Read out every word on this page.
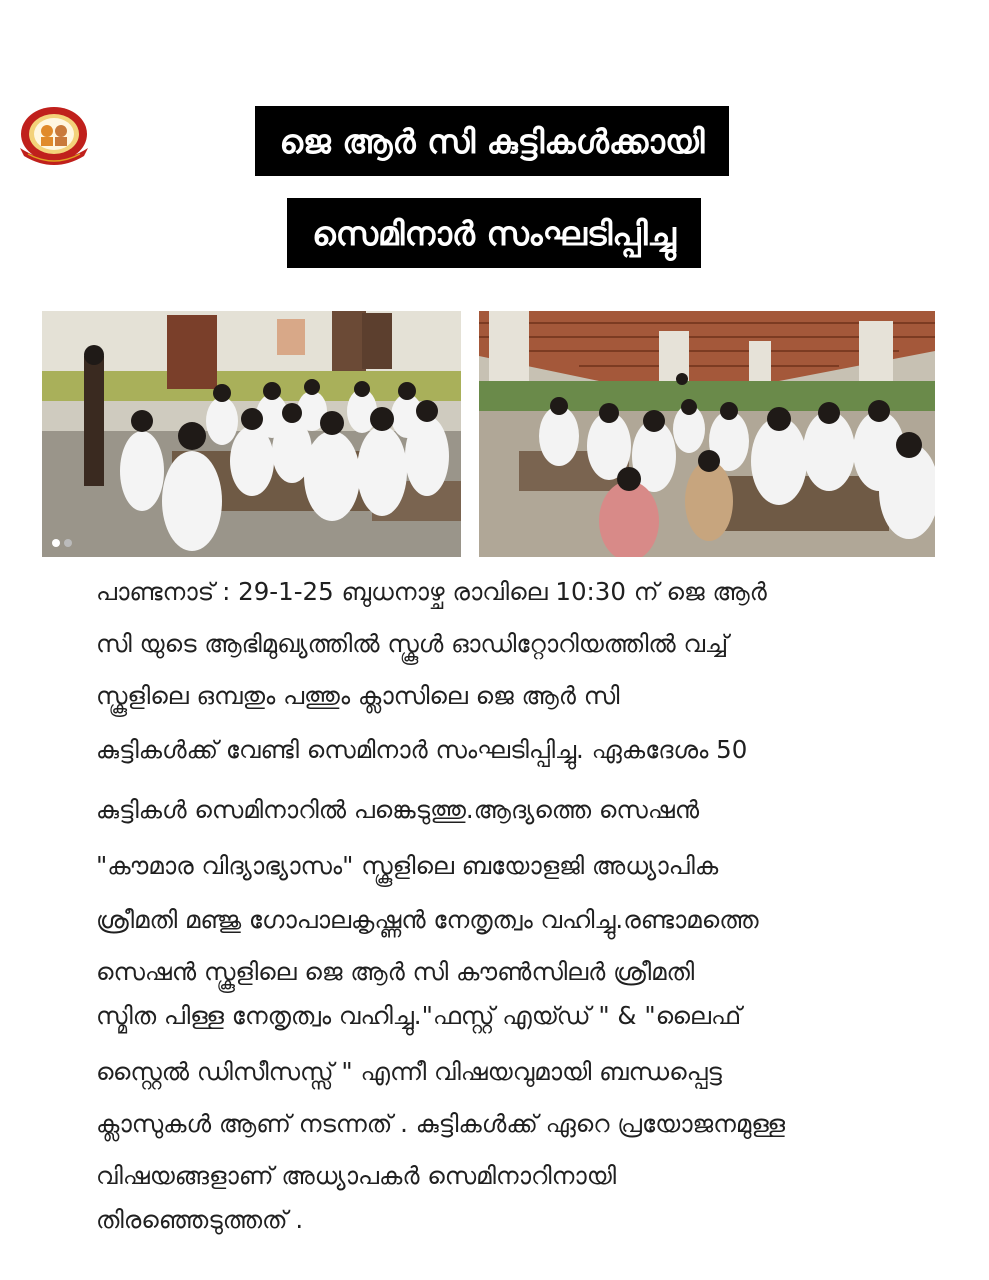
ജെ ആർ സി കുട്ടികൾക്കായി
സെമിനാർ സംഘടിപ്പിച്ചു
പാണ്ടനാട് : 29-1-25 ബുധനാഴ്ച രാവിലെ 10:30 ന് ജെ ആർ
സി യുടെ ആഭിമുഖ്യത്തിൽ സ്കൂൾ ഓഡിറ്റോറിയത്തിൽ വച്ച്
സ്കൂളിലെ ഒമ്പതും പത്തും ക്ലാസിലെ ജെ ആർ സി
കുട്ടികൾക്ക് വേണ്ടി സെമിനാർ സംഘടിപ്പിച്ചു. ഏകദേശം 50
കുട്ടികൾ സെമിനാറിൽ പങ്കെടുത്തു.ആദ്യത്തെ സെഷൻ
"കൗമാര വിദ്യാഭ്യാസം" സ്കൂളിലെ ബയോളജി അധ്യാപിക
ശ്രീമതി മഞ്ജു ഗോപാലകൃഷ്ണൻ നേതൃത്വം വഹിച്ചു.രണ്ടാമത്തെ
സെഷൻ സ്കൂളിലെ ജെ ആർ സി കൗൺസിലർ ശ്രീമതി
സ്മിത പിള്ള നേതൃത്വം വഹിച്ചു."ഫസ്റ്റ് എയ്ഡ് " & "ലൈഫ്
സ്റ്റൈൽ ഡിസീസസ്സ് " എന്നീ വിഷയവുമായി ബന്ധപ്പെട്ട
ക്ലാസുകൾ ആണ് നടന്നത് . കുട്ടികൾക്ക് ഏറെ പ്രയോജനമുള്ള
വിഷയങ്ങളാണ് അധ്യാപകർ സെമിനാറിനായി
തിരഞ്ഞെടുത്തത് .
